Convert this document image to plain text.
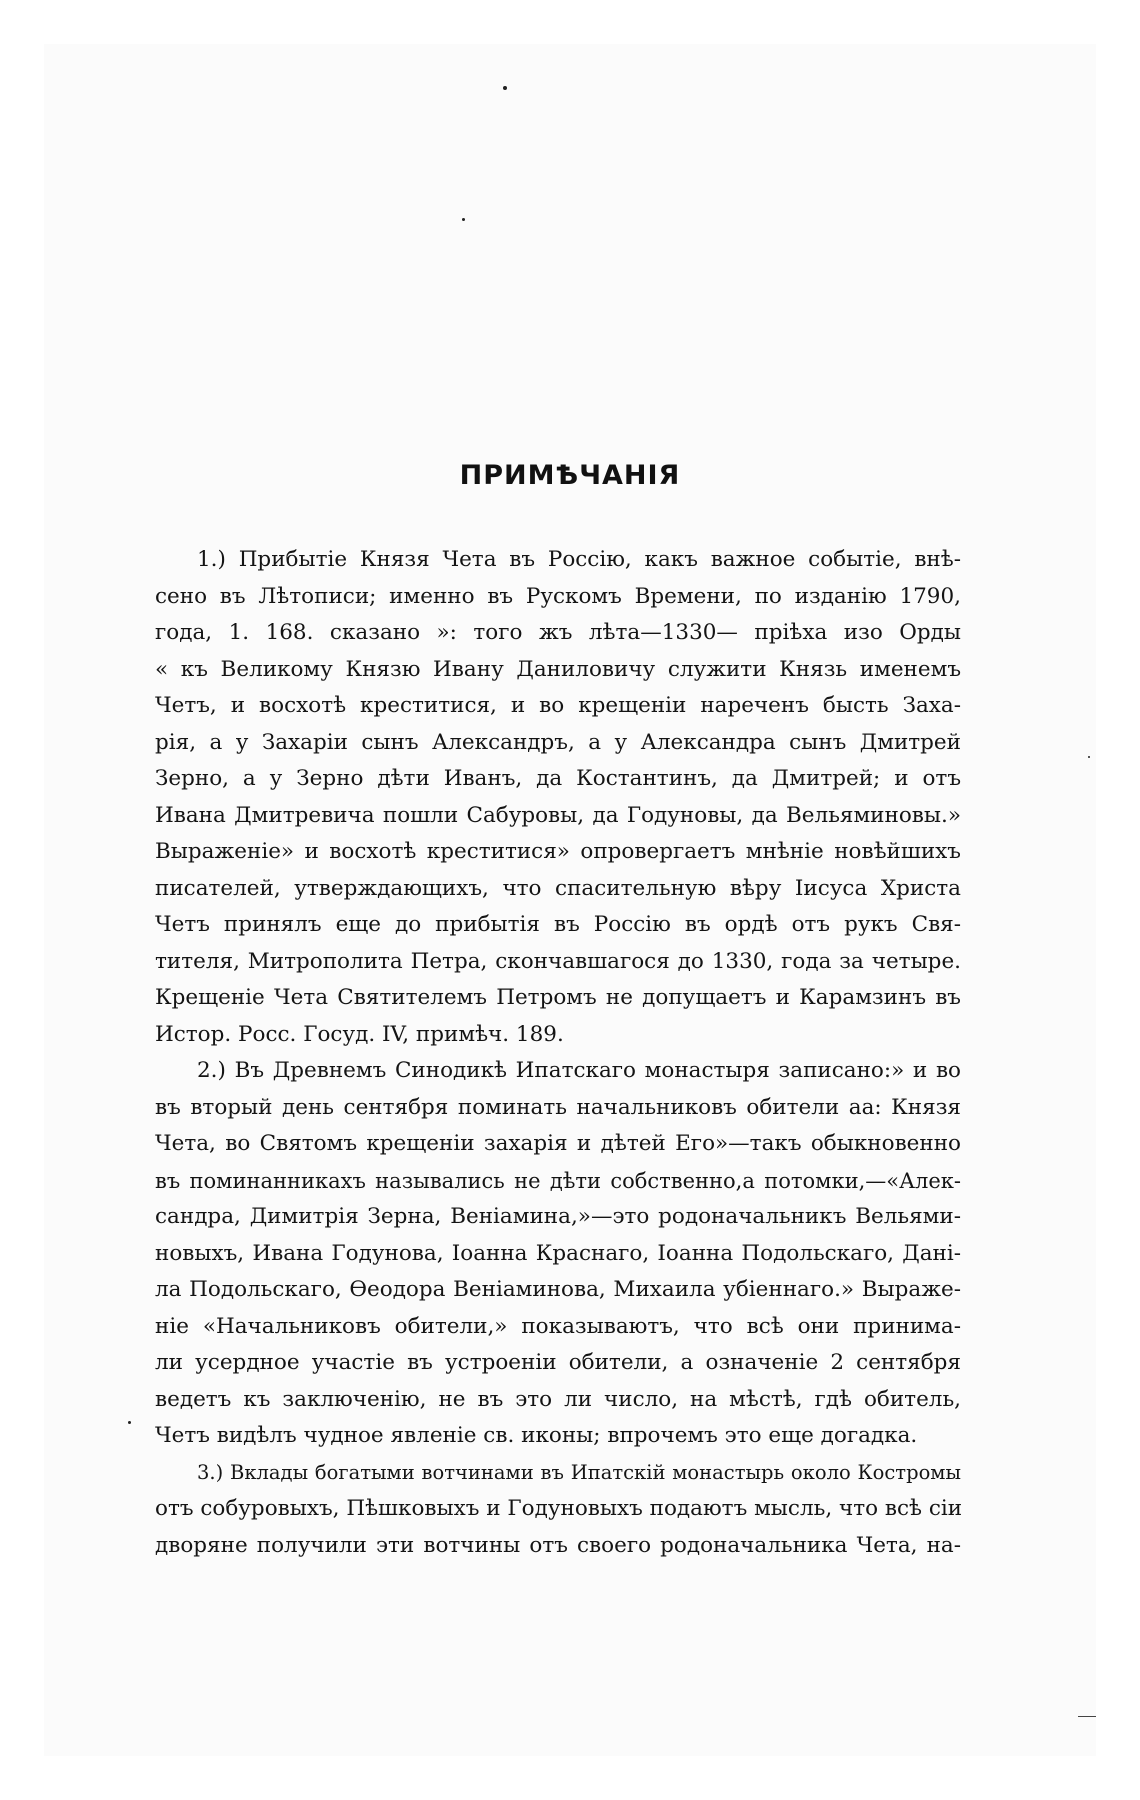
ПРИМѢЧАНІЯ
1.) Прибытіе Князя Чета въ Россію, какъ важное событіе, внѣ-
сено въ Лѣтописи; именно въ Рускомъ Времени, по изданію 1790,
года, 1. 168. сказано »: того жъ лѣта—1330— пріѣха изо Орды
« къ Великому Князю Ивану Даниловичу служити Князь именемъ
Четъ, и восхотѣ креститися, и во крещеніи нареченъ бысть Заха-
рія, а у Захаріи сынъ Александръ, а у Александра сынъ Дмитрей
Зерно, а у Зерно дѣти Иванъ, да Костантинъ, да Дмитрей; и отъ
Ивана Дмитревича пошли Сабуровы, да Годуновы, да Вельяминовы.»
Выраженіе» и восхотѣ креститися» опровергаетъ мнѣніе новѣйшихъ
писателей, утверждающихъ, что спасительную вѣру Іисуса Христа
Четъ принялъ еще до прибытія въ Россію въ ордѣ отъ рукъ Свя-
тителя, Митрополита Петра, скончавшагося до 1330, года за четыре.
Крещеніе Чета Святителемъ Петромъ не допущаетъ и Карамзинъ въ
Истор. Росс. Госуд. IV, примѣч. 189.
2.) Въ Древнемъ Синодикѣ Ипатскаго монастыря записано:» и во
въ вторый день сентября поминать начальниковъ обители аа: Князя
Чета, во Святомъ крещеніи захарія и дѣтей Его»—такъ обыкновенно
въ поминанникахъ назывались не дѣти собственно,а потомки,—«Алек-
сандра, Димитрія Зерна, Веніамина,»—это родоначальникъ Вельями-
новыхъ, Ивана Годунова, Іоанна Краснаго, Іоанна Подольскаго, Дані-
ла Подольскаго, Ѳеодора Веніаминова, Михаила убіеннаго.» Выраже-
ніе «Начальниковъ обители,» показываютъ, что всѣ они принима-
ли усердное участіе въ устроеніи обители, а означеніе 2 сентября
ведетъ къ заключенію, не въ это ли число, на мѣстѣ, гдѣ обитель,
Четъ видѣлъ чудное явленіе св. иконы; впрочемъ это еще догадка.
3.) Вклады богатыми вотчинами въ Ипатскій монастырь около Костромы
отъ собуровыхъ, Пѣшковыхъ и Годуновыхъ подаютъ мысль, что всѣ сіи
дворяне получили эти вотчины отъ своего родоначальника Чета, на-
